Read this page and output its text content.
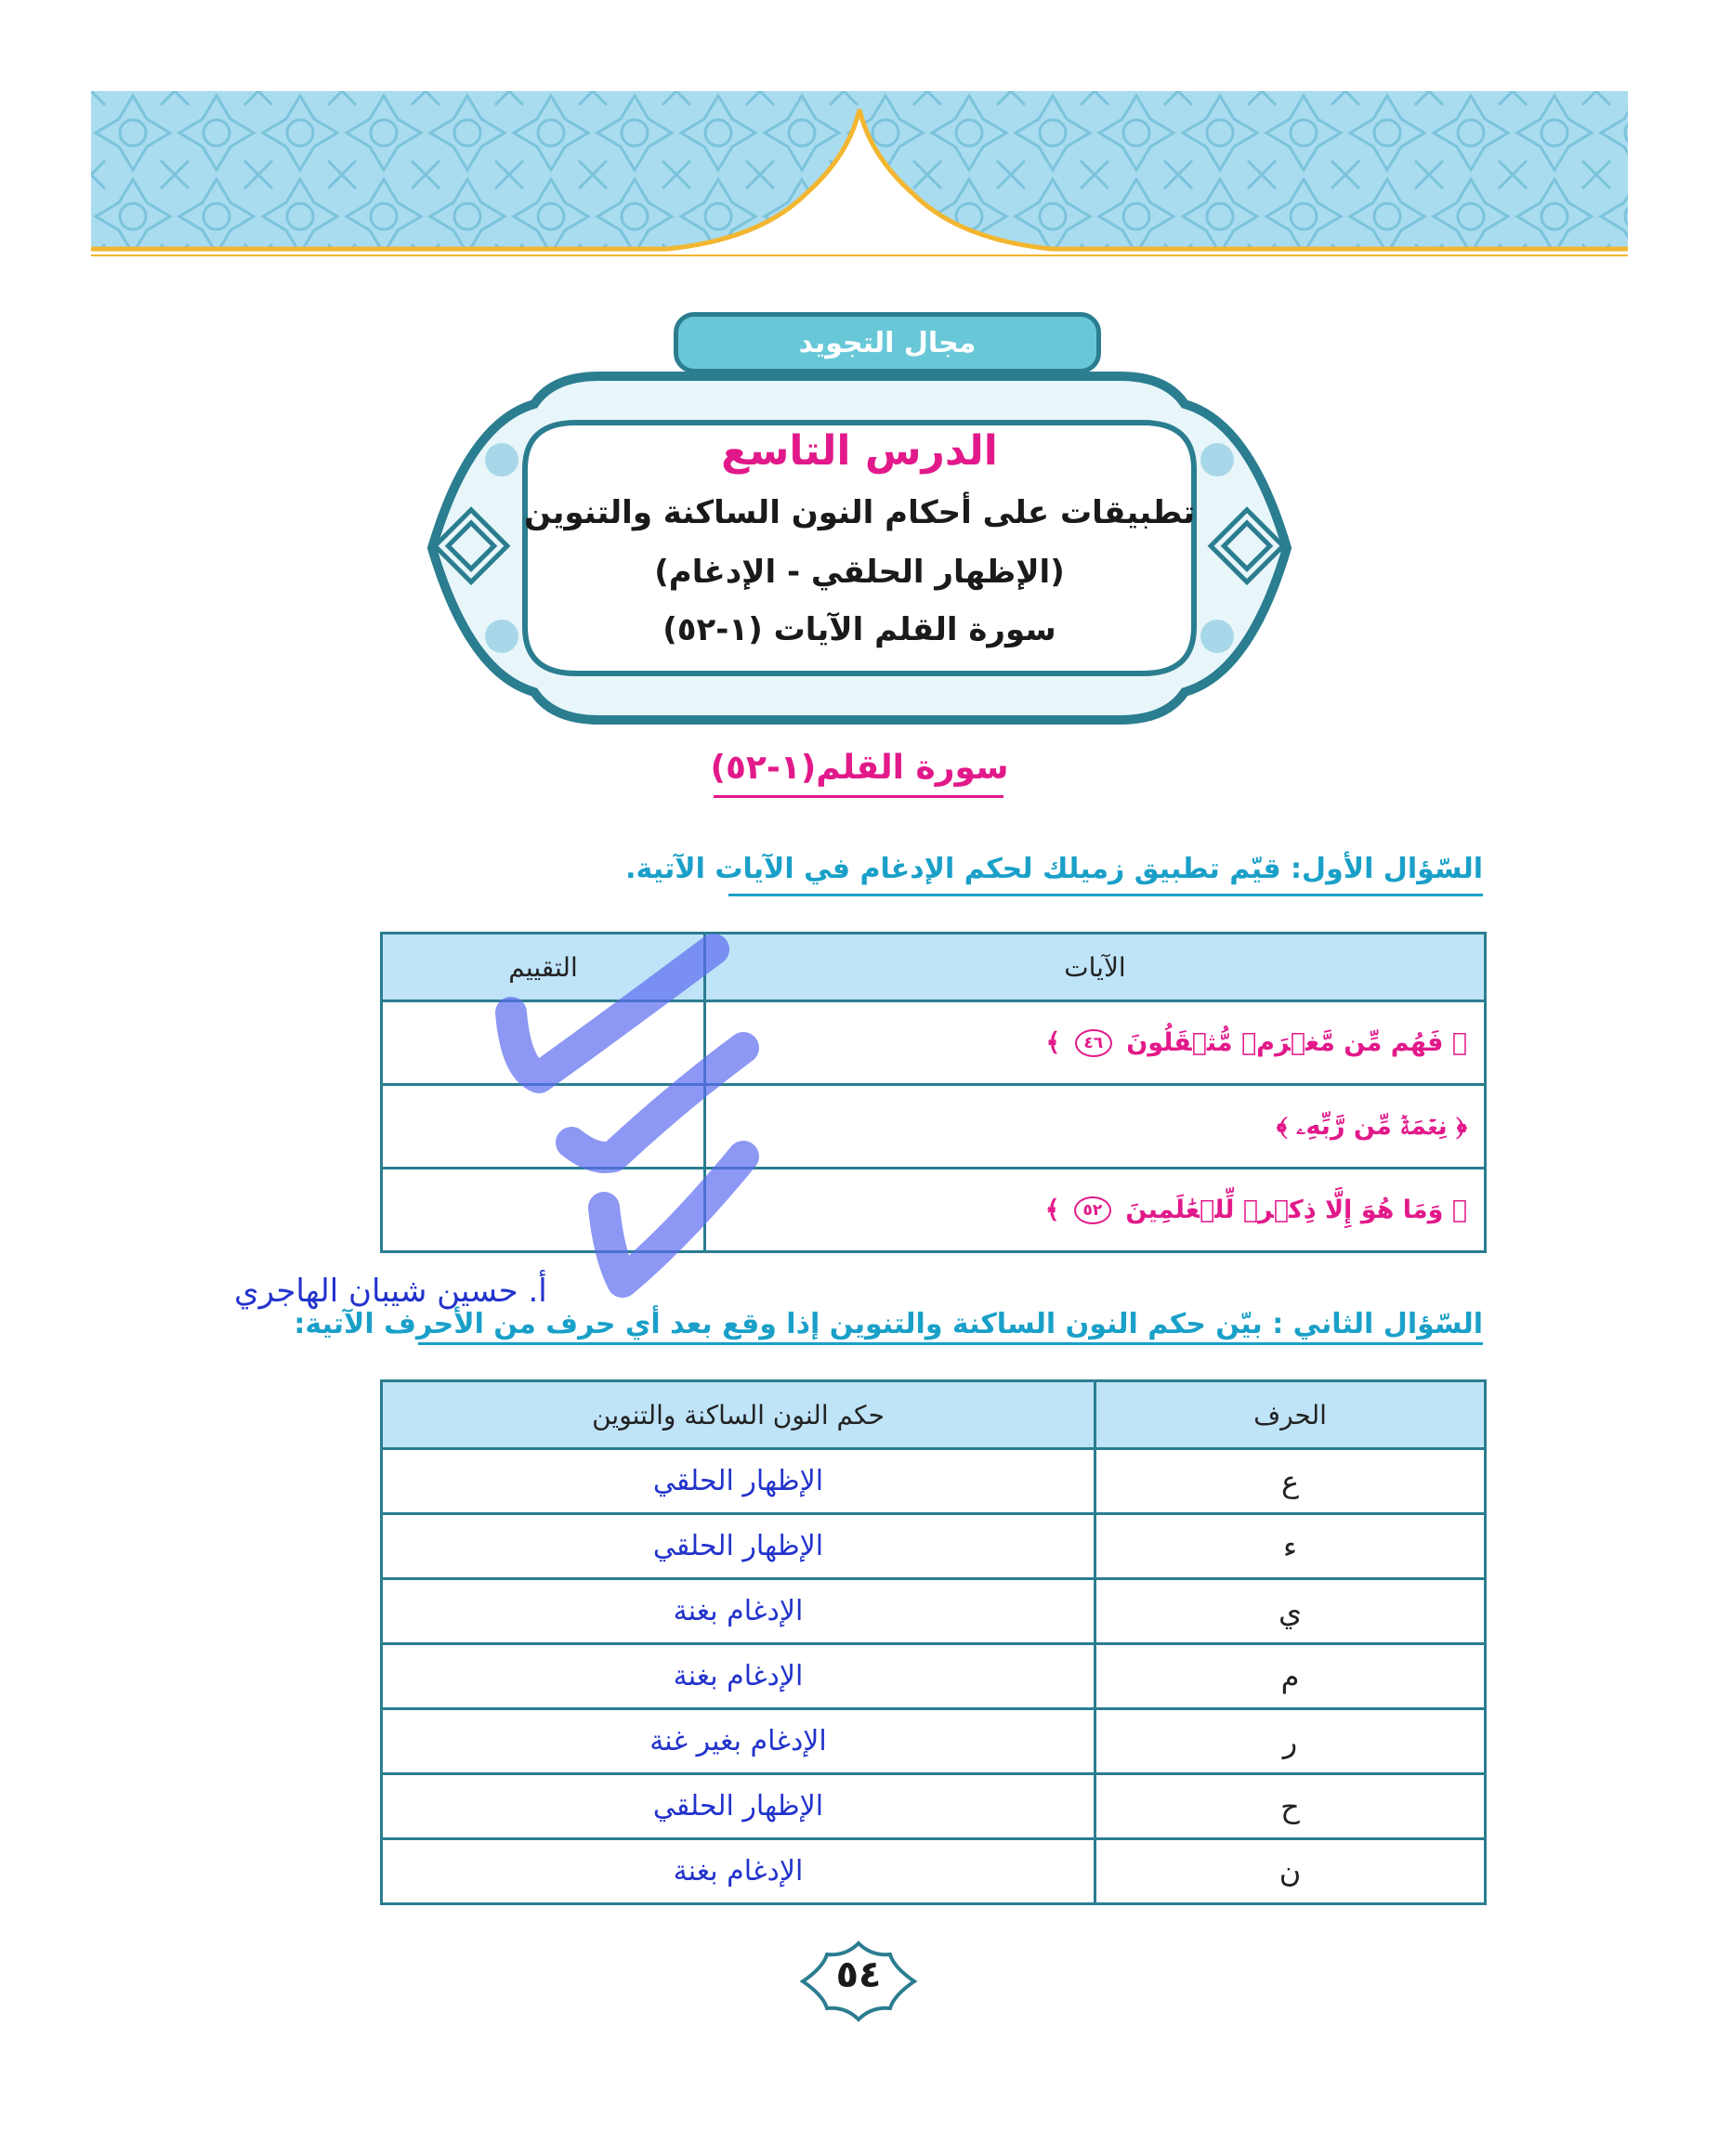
مجال التجويد
الدرس التاسع
تطبيقات على أحكام النون الساكنة والتنوين
(الإظهار الحلقي - الإدغام)
سورة القلم الآيات (١-٥٢)
سورة القلم(١-٥٢)
السّؤال الأول: قيّم تطبيق زميلك لحكم الإدغام في الآيات الآتية.
الآيات	التقييم
﴿ فَهُم مِّن مَّغۡرَمٖ مُّثۡقَلُونَ ٤٦ ﴾	
﴿ نِعۡمَةٞ مِّن رَّبِّهِۦ ﴾	
﴿ وَمَا هُوَ إِلَّا ذِكۡرٞ لِّلۡعَٰلَمِينَ ٥٢ ﴾	
أ. حسين شيبان الهاجري
السّؤال الثاني : بيّن حكم النون الساكنة والتنوين إذا وقع بعد أي حرف من الأحرف الآتية:
الحرف	حكم النون الساكنة والتنوين
ع	الإظهار الحلقي
ء	الإظهار الحلقي
ي	الإدغام بغنة
م	الإدغام بغنة
ر	الإدغام بغير غنة
ح	الإظهار الحلقي
ن	الإدغام بغنة
٥٤
